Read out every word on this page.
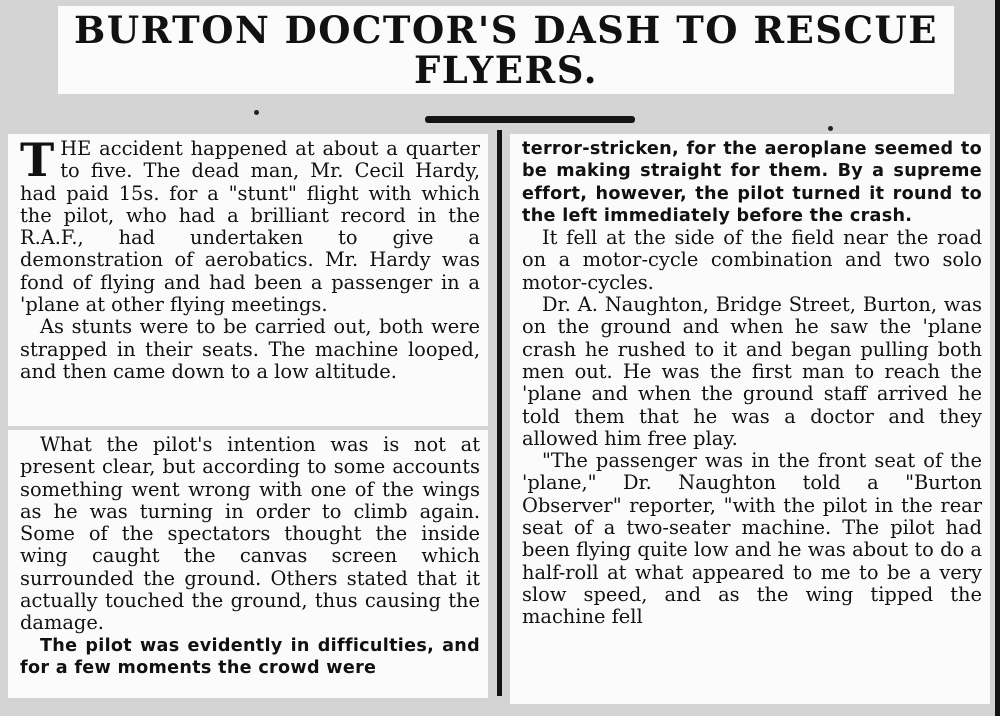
BURTON DOCTOR'S DASH TO RESCUE FLYERS.
T HE accident happened at about a quarter to five. The dead man, Mr. Cecil Hardy, had paid 15s. for a "stunt" flight with which the pilot, who had a brilliant record in the R.A.F., had undertaken to give a demonstration of aerobatics. Mr. Hardy was fond of flying and had been a passenger in a 'plane at other flying meetings.

As stunts were to be carried out, both were strapped in their seats. The machine looped, and then came down to a low altitude.

What the pilot's intention was is not at present clear, but according to some accounts something went wrong with one of the wings as he was turning in order to climb again. Some of the spectators thought the inside wing caught the canvas screen which surrounded the ground. Others stated that it actually touched the ground, thus causing the damage.

The pilot was evidently in difficulties, and for a few moments the crowd were

terror-stricken, for the aeroplane seemed to be making straight for them. By a supreme effort, however, the pilot turned it round to the left immediately before the crash.

It fell at the side of the field near the road on a motor-cycle combination and two solo motor-cycles.

Dr. A. Naughton, Bridge Street, Burton, was on the ground and when he saw the 'plane crash he rushed to it and began pulling both men out. He was the first man to reach the 'plane and when the ground staff arrived he told them that he was a doctor and they allowed him free play.

"The passenger was in the front seat of the 'plane," Dr. Naughton told a "Burton Observer" reporter, "with the pilot in the rear seat of a two-seater machine. The pilot had been flying quite low and he was about to do a half-roll at what appeared to me to be a very slow speed, and as the wing tipped the machine fell
